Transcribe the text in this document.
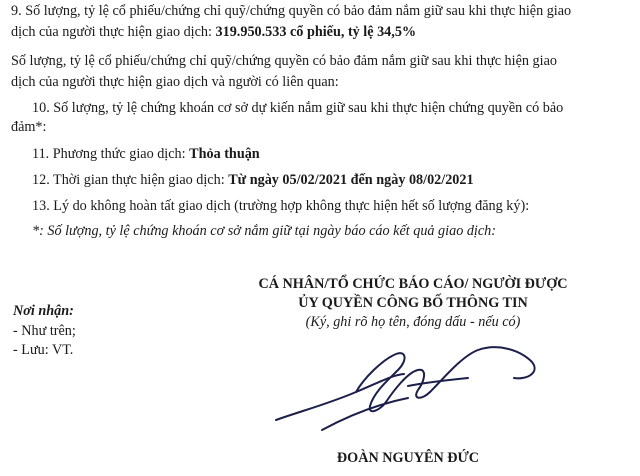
9. Số lượng, tỷ lệ cổ phiếu/chứng chỉ quỹ/chứng quyền có bảo đảm nắm giữ sau khi thực hiện giao
dịch của người thực hiện giao dịch: 319.950.533 cổ phiếu, tỷ lệ 34,5%
Số lượng, tỷ lệ cổ phiếu/chứng chỉ quỹ/chứng quyền có bảo đảm nắm giữ sau khi thực hiện giao
dịch của người thực hiện giao dịch và người có liên quan:
10. Số lượng, tỷ lệ chứng khoán cơ sở dự kiến nắm giữ sau khi thực hiện chứng quyền có bảo
đảm*:
11. Phương thức giao dịch: Thỏa thuận
12. Thời gian thực hiện giao dịch: Từ ngày 05/02/2021 đến ngày 08/02/2021
13. Lý do không hoàn tất giao dịch (trường hợp không thực hiện hết số lượng đăng ký):
*: Số lượng, tỷ lệ chứng khoán cơ sở nắm giữ tại ngày báo cáo kết quả giao dịch:
CÁ NHÂN/TỔ CHỨC BÁO CÁO/ NGƯỜI ĐƯỢC
ỦY QUYỀN CÔNG BỐ THÔNG TIN
(Ký, ghi rõ họ tên, đóng dấu - nếu có)
Nơi nhận:
- Như trên;
- Lưu: VT.
ĐOÀN NGUYÊN ĐỨC
